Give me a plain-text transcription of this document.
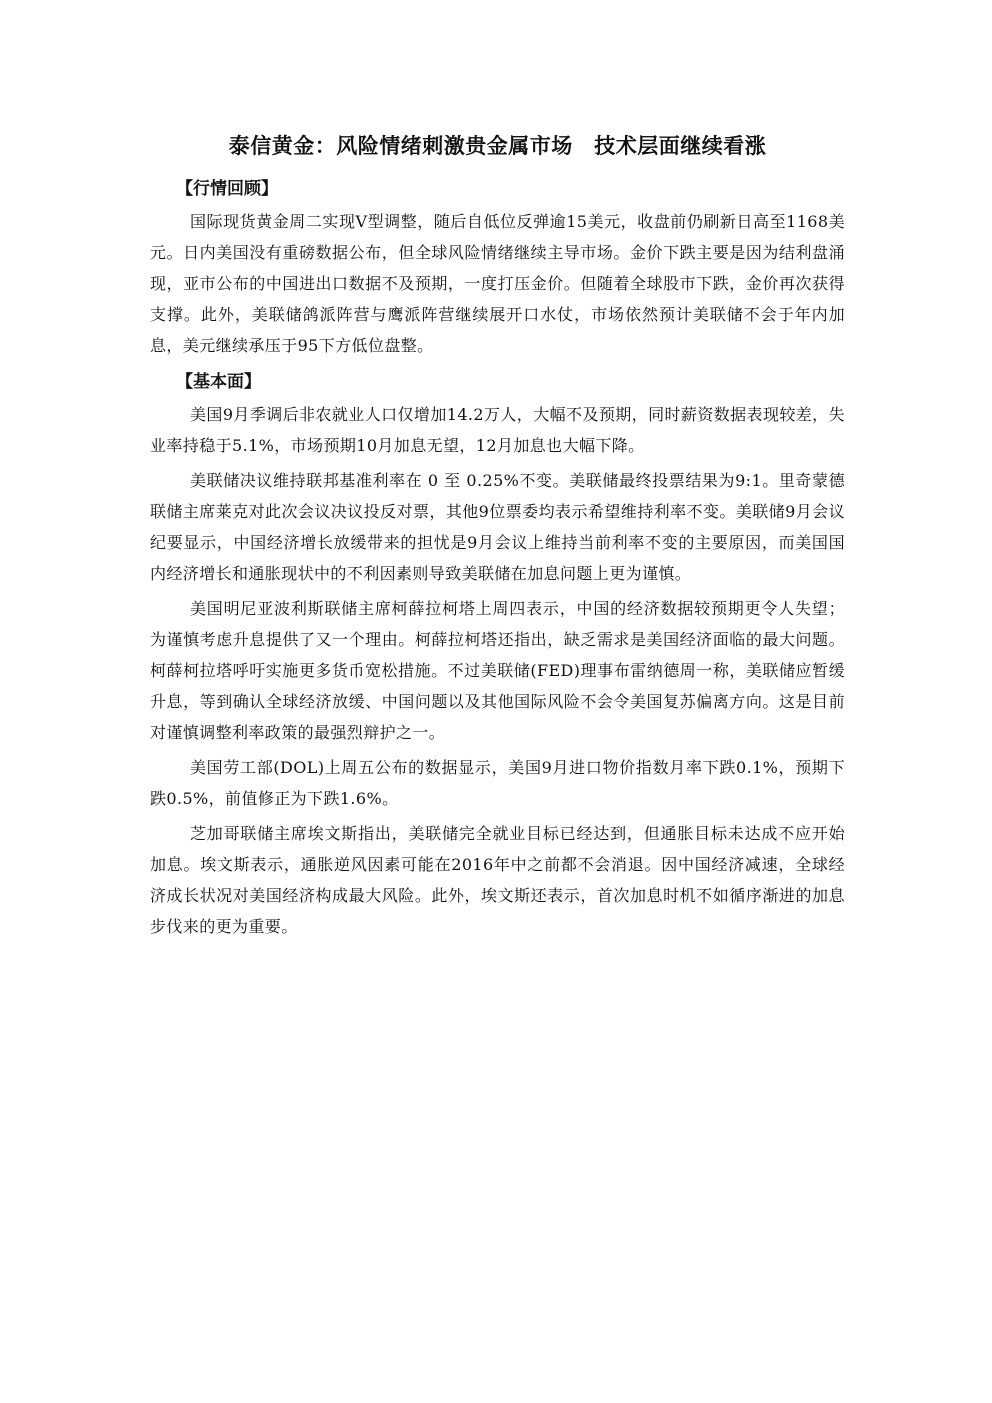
泰信黄金：风险情绪刺激贵金属市场　技术层面继续看涨
【行情回顾】

国际现货黄金周二实现V型调整，随后自低位反弹逾15美元，收盘前仍刷新日高至1168美元。日内美国没有重磅数据公布，但全球风险情绪继续主导市场。金价下跌主要是因为结利盘涌现，亚市公布的中国进出口数据不及预期，一度打压金价。但随着全球股市下跌，金价再次获得支撑。此外，美联储鸽派阵营与鹰派阵营继续展开口水仗，市场依然预计美联储不会于年内加息，美元继续承压于95下方低位盘整。

【基本面】

美国9月季调后非农就业人口仅增加14.2万人，大幅不及预期，同时薪资数据表现较差，失业率持稳于5.1%，市场预期10月加息无望，12月加息也大幅下降。

美联储决议维持联邦基准利率在 0 至 0.25%不变。美联储最终投票结果为9:1。里奇蒙德联储主席莱克对此次会议决议投反对票，其他9位票委均表示希望维持利率不变。美联储9月会议纪要显示，中国经济增长放缓带来的担忧是9月会议上维持当前利率不变的主要原因，而美国国内经济增长和通胀现状中的不利因素则导致美联储在加息问题上更为谨慎。

美国明尼亚波利斯联储主席柯薛拉柯塔上周四表示，中国的经济数据较预期更令人失望；为谨慎考虑升息提供了又一个理由。柯薛拉柯塔还指出，缺乏需求是美国经济面临的最大问题。柯薛柯拉塔呼吁实施更多货币宽松措施。不过美联储(FED)理事布雷纳德周一称，美联储应暂缓升息，等到确认全球经济放缓、中国问题以及其他国际风险不会令美国复苏偏离方向。这是目前对谨慎调整利率政策的最强烈辩护之一。

美国劳工部(DOL)上周五公布的数据显示，美国9月进口物价指数月率下跌0.1%，预期下跌0.5%，前值修正为下跌1.6%。

芝加哥联储主席埃文斯指出，美联储完全就业目标已经达到，但通胀目标未达成不应开始加息。埃文斯表示，通胀逆风因素可能在2016年中之前都不会消退。因中国经济减速，全球经济成长状况对美国经济构成最大风险。此外，埃文斯还表示，首次加息时机不如循序渐进的加息步伐来的更为重要。
